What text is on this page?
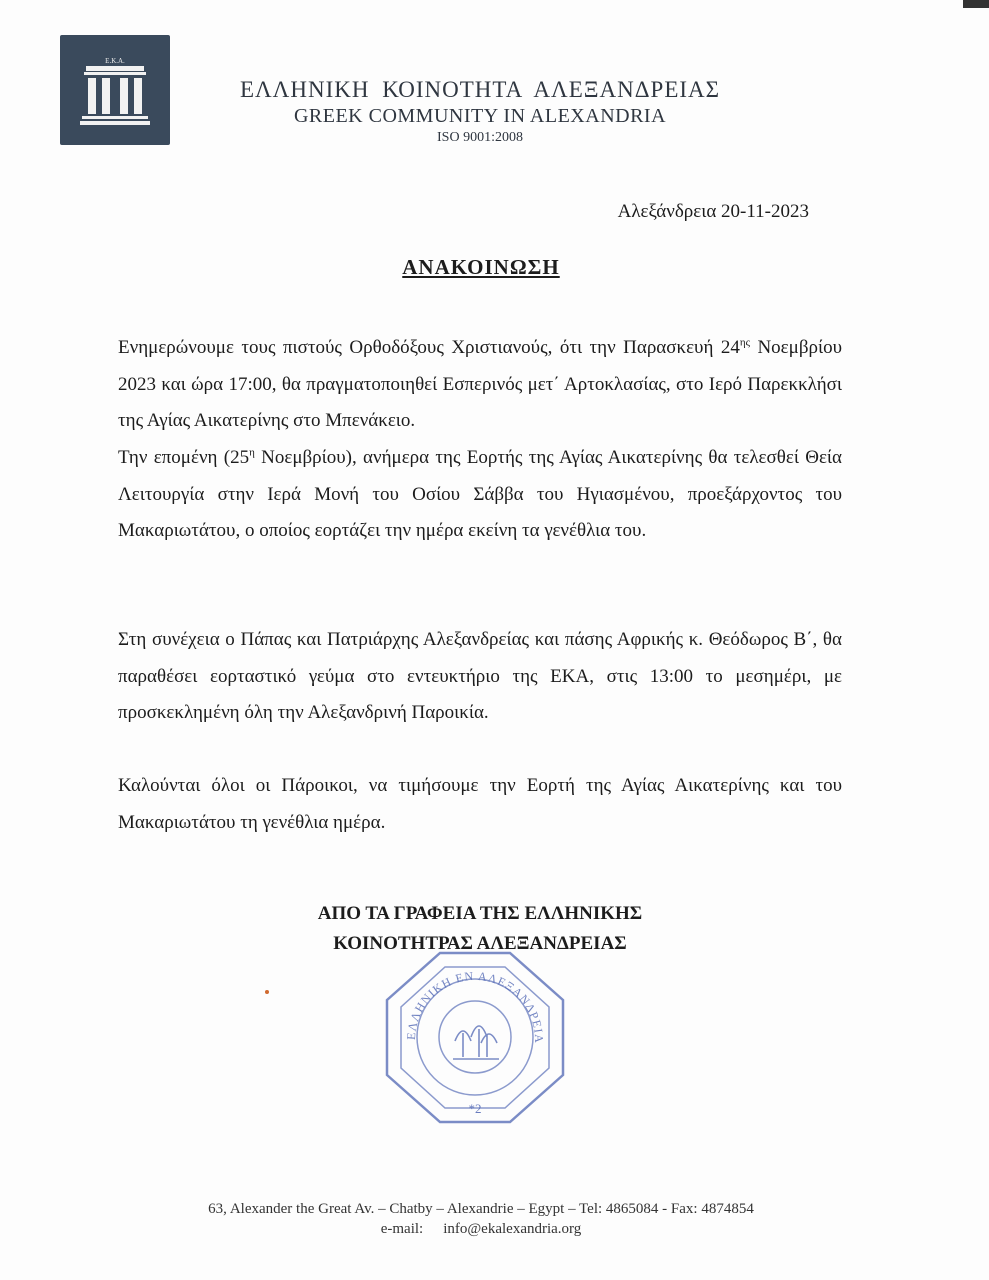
Ε.Κ.Α.
ΕΛΛΗΝΙΚΗ ΚΟΙΝΟΤΗΤΑ ΑΛΕΞΑΝΔΡΕΙΑΣ
GREEK COMMUNITY IN ALEXANDRIA
ISO 9001:2008
Αλεξάνδρεια 20-11-2023
ΑΝΑΚΟΙΝΩΣΗ

Ενημερώνουμε τους πιστούς Ορθοδόξους Χριστιανούς, ότι την Παρασκευή $24^{\eta\varsigma}$ Νοεμβρίου 2023 και ώρα 17:00, θα πραγματοποιηθεί Εσπερινός μετ΄ Αρτοκλασίας, στο Ιερό Παρεκκλήσι της Αγίας Αικατερίνης στο Μπενάκειο.

Την επομένη ($25^\eta$ Νοεμβρίου), ανήμερα της Εορτής της Αγίας Αικατερίνης θα τελεσθεί Θεία Λειτουργία στην Ιερά Μονή του Οσίου Σάββα του Ηγιασμένου, προεξάρχοντος του Μακαριωτάτου, ο οποίος εορτάζει την ημέρα εκείνη τα γενέθλια του.

Στη συνέχεια ο Πάπας και Πατριάρχης Αλεξανδρείας και πάσης Αφρικής κ. Θεόδωρος Β΄, θα παραθέσει εορταστικό γεύμα στο εντευκτήριο της ΕΚΑ, στις 13:00 το μεσημέρι, με προσκεκλημένη όλη την Αλεξανδρινή Παροικία.

Καλούνται όλοι οι Πάροικοι, να τιμήσουμε την Εορτή της Αγίας Αικατερίνης και του Μακαριωτάτου τη γενέθλια ημέρα.

ΑΠΟ ΤΑ ΓΡΑΦΕΙΑ ΤΗΣ ΕΛΛΗΝΙΚΗΣ
ΚΟΙΝΟΤΗΤΡΑΣ ΑΛΕΞΑΝΔΡΕΙΑΣ
ΕΛΛΗΝΙΚΗ ΕΝ ΑΛΕΞΑΝΔΡΕΙΑ
*2
63, Alexander the Great Av. – Chatby – Alexandrie – Egypt – Tel: 4865084 - Fax: 4874854
e-mail: info@ekalexandria.org
